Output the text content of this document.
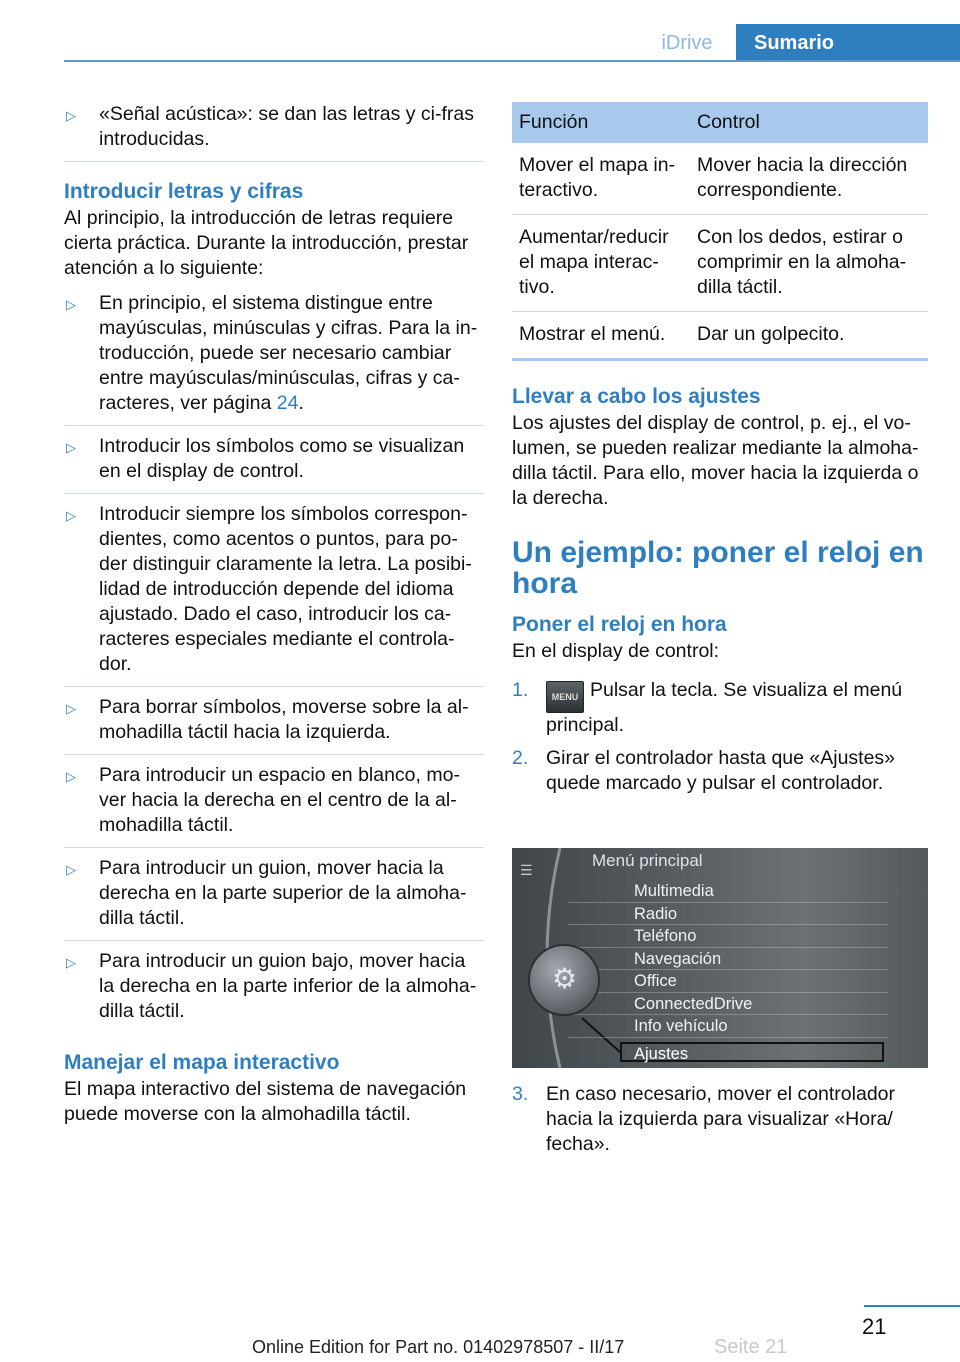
iDrive	Sumario
▷ «Señal acústica»: se dan las letras y ci-fras introducidas.
Introducir letras y cifras

Al principio, la introducción de letras requiere cierta práctica. Durante la introducción, prestar atención a lo siguiente:

▷ En principio, el sistema distingue entre mayúsculas, minúsculas y cifras. Para la in-troducción, puede ser necesario cambiar entre mayúsculas/minúsculas, cifras y ca-racteres, ver página 24.
▷ Introducir los símbolos como se visualizan en el display de control.
▷ Introducir siempre los símbolos correspon-dientes, como acentos o puntos, para po-der distinguir claramente la letra. La posibi-lidad de introducción depende del idioma ajustado. Dado el caso, introducir los ca-racteres especiales mediante el controla-dor.
▷ Para borrar símbolos, moverse sobre la al-mohadilla táctil hacia la izquierda.
▷ Para introducir un espacio en blanco, mo-ver hacia la derecha en el centro de la al-mohadilla táctil.
▷ Para introducir un guion, mover hacia la derecha en la parte superior de la almoha-dilla táctil.
▷ Para introducir un guion bajo, mover hacia la derecha en la parte inferior de la almoha-dilla táctil.
Manejar el mapa interactivo

El mapa interactivo del sistema de navegación puede moverse con la almohadilla táctil.

Función	Control
Mover el mapa in-teractivo.	Mover hacia la dirección correspondiente.
Aumentar/reducir el mapa interac-tivo.	Con los dedos, estirar o comprimir en la almoha-dilla táctil.
Mostrar el menú.	Dar un golpecito.
Llevar a cabo los ajustes

Los ajustes del display de control, p. ej., el vo-lumen, se pueden realizar mediante la almoha-dilla táctil. Para ello, mover hacia la izquierda o la derecha.

Un ejemplo: poner el reloj en hora
Poner el reloj en hora

En el display de control:

1.	MENU Pulsar la tecla. Se visualiza el menú principal.
2. Girar el controlador hasta que «Ajustes» quede marcado y pulsar el controlador.
☰	Menú principal
Multimedia
Radio
Teléfono
Navegación
Office
ConnectedDrive
Info vehículo
⚙
Ajustes
3. En caso necesario, mover el controlador hacia la izquierda para visualizar «Hora/ fecha».
21
Seite 21
Online Edition for Part no. 01402978507 - II/17
